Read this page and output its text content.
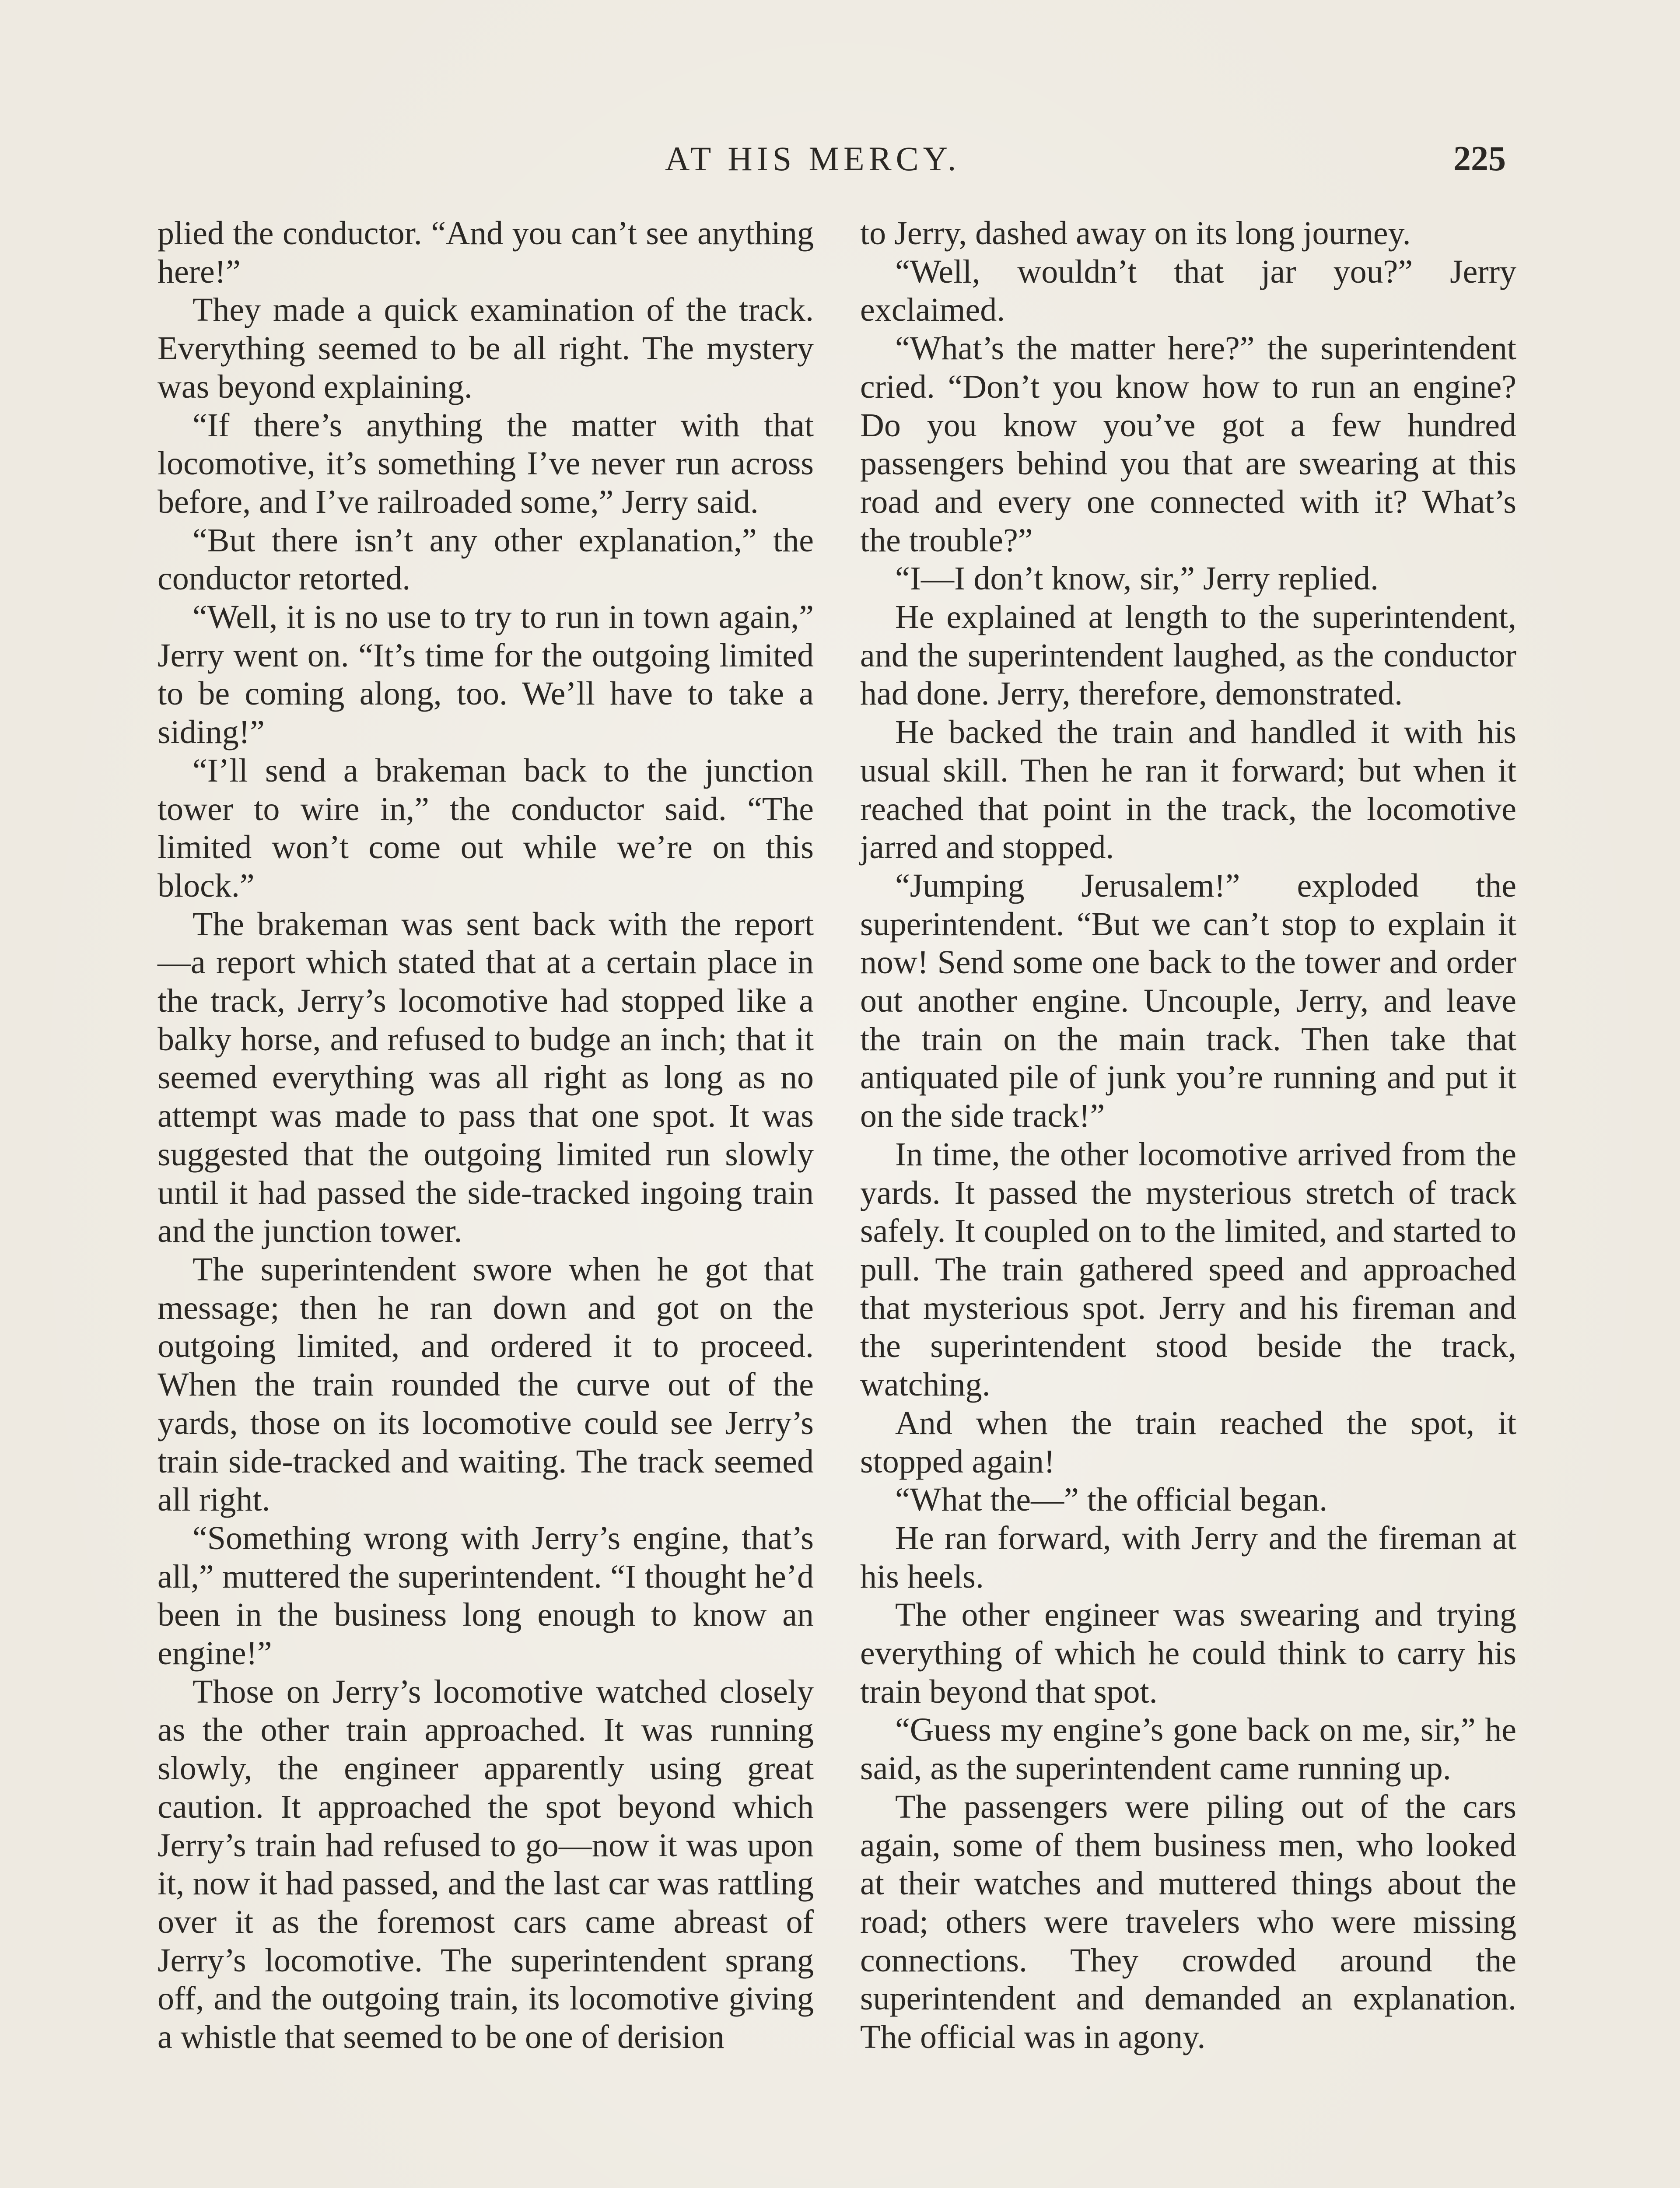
AT HIS MERCY.	225

plied the conductor. “And you can’t see anything here!”

They made a quick examination of the track. Everything seemed to be all right. The mystery was beyond explaining.

“If there’s anything the matter with that locomotive, it’s something I’ve never run across before, and I’ve railroaded some,” Jerry said.

“But there isn’t any other explanation,” the conductor retorted.

“Well, it is no use to try to run in town again,” Jerry went on. “It’s time for the outgoing limited to be coming along, too. We’ll have to take a siding!”

“I’ll send a brakeman back to the junction tower to wire in,” the conductor said. “The limited won’t come out while we’re on this block.”

The brakeman was sent back with the report—a report which stated that at a certain place in the track, Jerry’s locomotive had stopped like a balky horse, and refused to budge an inch; that it seemed everything was all right as long as no attempt was made to pass that one spot. It was suggested that the outgoing limited run slowly until it had passed the side-tracked ingoing train and the junction tower.

The superintendent swore when he got that message; then he ran down and got on the outgoing limited, and ordered it to proceed. When the train rounded the curve out of the yards, those on its locomotive could see Jerry’s train side-tracked and waiting. The track seemed all right.

“Something wrong with Jerry’s engine, that’s all,” muttered the superintendent. “I thought he’d been in the business long enough to know an engine!”

Those on Jerry’s locomotive watched closely as the other train approached. It was running slowly, the engineer apparently using great caution. It approached the spot beyond which Jerry’s train had refused to go—now it was upon it, now it had passed, and the last car was rattling over it as the foremost cars came abreast of Jerry’s locomotive. The superintendent sprang off, and the outgoing train, its locomotive giving a whistle that seemed to be one of derision

to Jerry, dashed away on its long journey.

“Well, wouldn’t that jar you?” Jerry exclaimed.

“What’s the matter here?” the superintendent cried. “Don’t you know how to run an engine? Do you know you’ve got a few hundred passengers behind you that are swearing at this road and every one connected with it? What’s the trouble?”

“I—I don’t know, sir,” Jerry replied.

He explained at length to the superintendent, and the superintendent laughed, as the conductor had done. Jerry, therefore, demonstrated.

He backed the train and handled it with his usual skill. Then he ran it forward; but when it reached that point in the track, the locomotive jarred and stopped.

“Jumping Jerusalem!” exploded the superintendent. “But we can’t stop to explain it now! Send some one back to the tower and order out another engine. Uncouple, Jerry, and leave the train on the main track. Then take that antiquated pile of junk you’re running and put it on the side track!”

In time, the other locomotive arrived from the yards. It passed the mysterious stretch of track safely. It coupled on to the limited, and started to pull. The train gathered speed and approached that mysterious spot. Jerry and his fireman and the superintendent stood beside the track, watching.

And when the train reached the spot, it stopped again!

“What the—” the official began.

He ran forward, with Jerry and the fireman at his heels.

The other engineer was swearing and trying everything of which he could think to carry his train beyond that spot.

“Guess my engine’s gone back on me, sir,” he said, as the superintendent came running up.

The passengers were piling out of the cars again, some of them business men, who looked at their watches and muttered things about the road; others were travelers who were missing connections. They crowded around the superintendent and demanded an explanation. The official was in agony.
